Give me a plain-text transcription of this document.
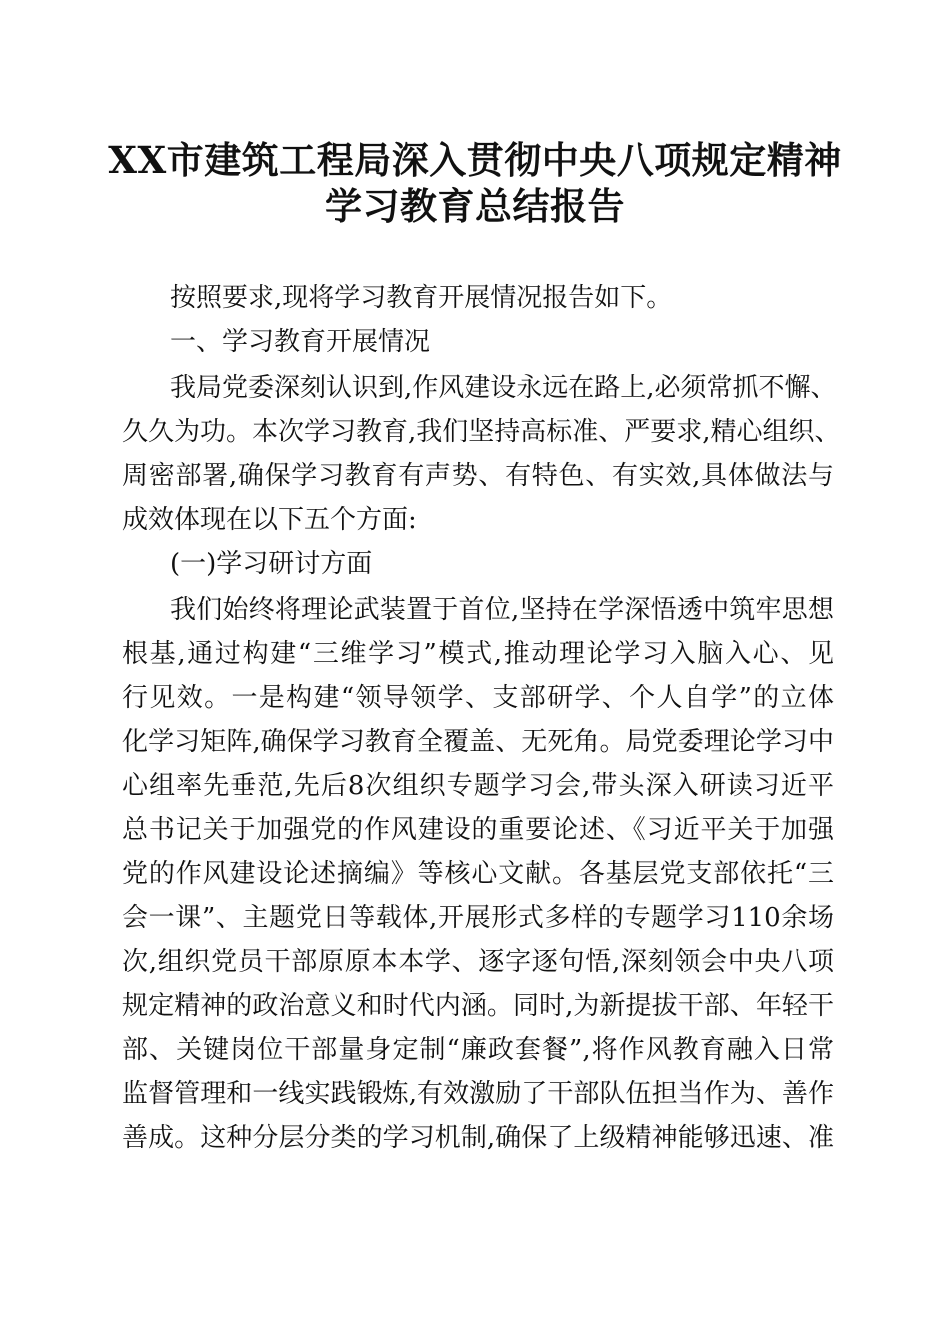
XX市建筑工程局深入贯彻中央八项规定精神
学习教育总结报告

按照要求,现将学习教育开展情况报告如下。

一、学习教育开展情况

我局党委深刻认识到,作风建设永远在路上,必须常抓不懈、

久久为功。本次学习教育,我们坚持高标准、严要求,精心组织、

周密部署,确保学习教育有声势、有特色、有实效,具体做法与

成效体现在以下五个方面:

(一)学习研讨方面

我们始终将理论武装置于首位,坚持在学深悟透中筑牢思想

根基,通过构建“三维学习”模式,推动理论学习入脑入心、见

行见效。一是构建“领导领学、支部研学、个人自学”的立体

化学习矩阵,确保学习教育全覆盖、无死角。局党委理论学习中

心组率先垂范,先后8次组织专题学习会,带头深入研读习近平

总书记关于加强党的作风建设的重要论述、《习近平关于加强

党的作风建设论述摘编》等核心文献。各基层党支部依托“三

会一课”、主题党日等载体,开展形式多样的专题学习110余场

次,组织党员干部原原本本学、逐字逐句悟,深刻领会中央八项

规定精神的政治意义和时代内涵。同时,为新提拔干部、年轻干

部、关键岗位干部量身定制“廉政套餐”,将作风教育融入日常

监督管理和一线实践锻炼,有效激励了干部队伍担当作为、善作

善成。这种分层分类的学习机制,确保了上级精神能够迅速、准
